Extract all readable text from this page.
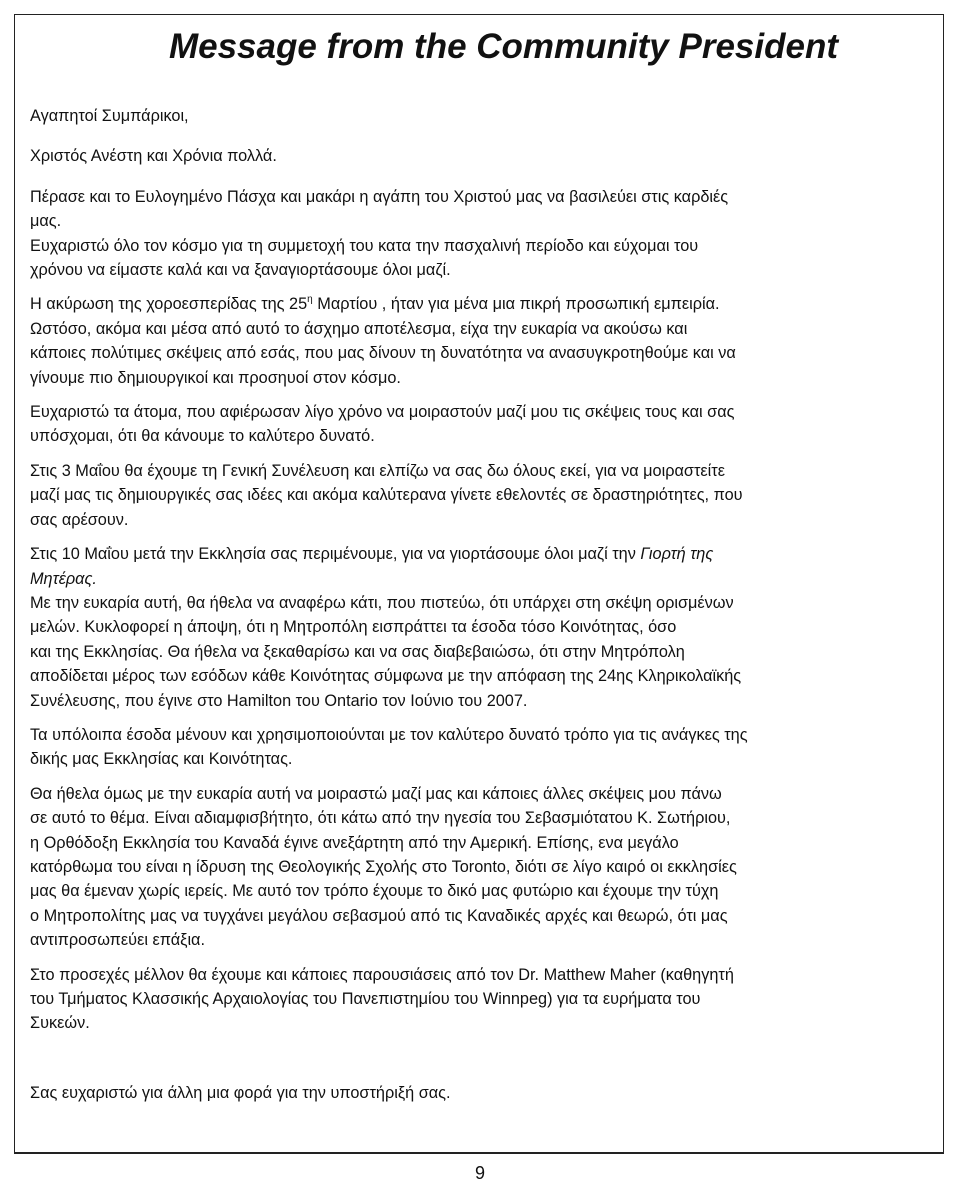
Message from the Community President

Αγαπητοί Συμπάρικοι,

Χριστός Ανέστη και Χρόνια πολλά.

Πέρασε και το Ευλογημένο Πάσχα και μακάρι η αγάπη του Χριστού μας να βασιλεύει στις καρδιές

μας.

Ευχαριστώ όλο τον κόσμο για τη συμμετοχή του κατα την πασχαλινή περίοδο και εύχομαι του

χρόνου να είμαστε καλά και να ξαναγιορτάσουμε όλοι μαζί.

Η ακύρωση της χοροεσπερίδας της $25^\eta$ Μαρτίου , ήταν για μένα μια πικρή προσωπική εμπειρία.

Ωστόσο, ακόμα και μέσα από αυτό το άσχημο αποτέλεσμα, είχα την ευκαρία να ακούσω και

κάποιες πολύτιμες σκέψεις από εσάς, που μας δίνουν τη δυνατότητα να ανασυγκροτηθούμε και να

γίνουμε πιο δημιουργικοί και προσηυοί στον κόσμο.

Ευχαριστώ τα άτομα, που αφιέρωσαν λίγο χρόνο να μοιραστούν μαζί μου τις σκέψεις τους και σας

υπόσχομαι, ότι θα κάνουμε το καλύτερο δυνατό.

Στις 3 Μαΐου θα έχουμε τη Γενική Συνέλευση και ελπίζω να σας δω όλους εκεί, για να μοιραστείτε

μαζί μας τις δημιουργικές σας ιδέες και ακόμα καλύτερανα γίνετε εθελοντές σε δραστηριότητες, που

σας αρέσουν.

Στις 10 Μαΐου μετά την Εκκλησία σας περιμένουμε, για να γιορτάσουμε όλοι μαζί την Γιορτή της

Μητέρας.

Με την ευκαρία αυτή, θα ήθελα να αναφέρω κάτι, που πιστεύω, ότι υπάρχει στη σκέψη ορισμένων

μελών. Κυκλοφορεί η άποψη, ότι η Μητροπόλη εισπράττει τα έσοδα τόσο Κοινότητας, όσο

και της Εκκλησίας. Θα ήθελα να ξεκαθαρίσω και να σας διαβεβαιώσω, ότι στην Μητρόπολη

αποδίδεται μέρος των εσόδων κάθε Κοινότητας σύμφωνα με την απόφαση της 24ης Κληρικολαϊκής

Συνέλευσης, που έγινε στο Hamilton του Ontario τον Ιούνιο του 2007.

Τα υπόλοιπα έσοδα μένουν και χρησιμοποιούνται με τον καλύτερο δυνατό τρόπο για τις ανάγκες της

δικής μας Εκκλησίας και Κοινότητας.

Θα ήθελα όμως με την ευκαρία αυτή να μοιραστώ μαζί μας και κάποιες άλλες σκέψεις μου πάνω

σε αυτό το θέμα. Είναι αδιαμφισβήτητο, ότι κάτω από την ηγεσία του Σεβασμιότατου Κ. Σωτήριου,

η Ορθόδοξη Εκκλησία του Καναδά έγινε ανεξάρτητη από την Αμερική. Επίσης, ενα μεγάλο

κατόρθωμα του είναι η ίδρυση της Θεολογικής Σχολής στο Toronto, διότι σε λίγο καιρό οι εκκλησίες

μας θα έμεναν χωρίς ιερείς. Με αυτό τον τρόπο έχουμε το δικό μας φυτώριο και έχουμε την τύχη

ο Μητροπολίτης μας να τυγχάνει μεγάλου σεβασμού από τις Καναδικές αρχές και θεωρώ, ότι μας

αντιπροσωπεύει επάξια.

Στο προσεχές μέλλον θα έχουμε και κάποιες παρουσιάσεις από τον Dr. Matthew Maher (καθηγητή

του Τμήματος Κλασσικής Αρχαιολογίας του Πανεπιστημίου του Winnpeg) για τα ευρήματα του

Συκεών.

Σας ευχαριστώ για άλλη μια φορά για την υποστήριξή σας.

9
